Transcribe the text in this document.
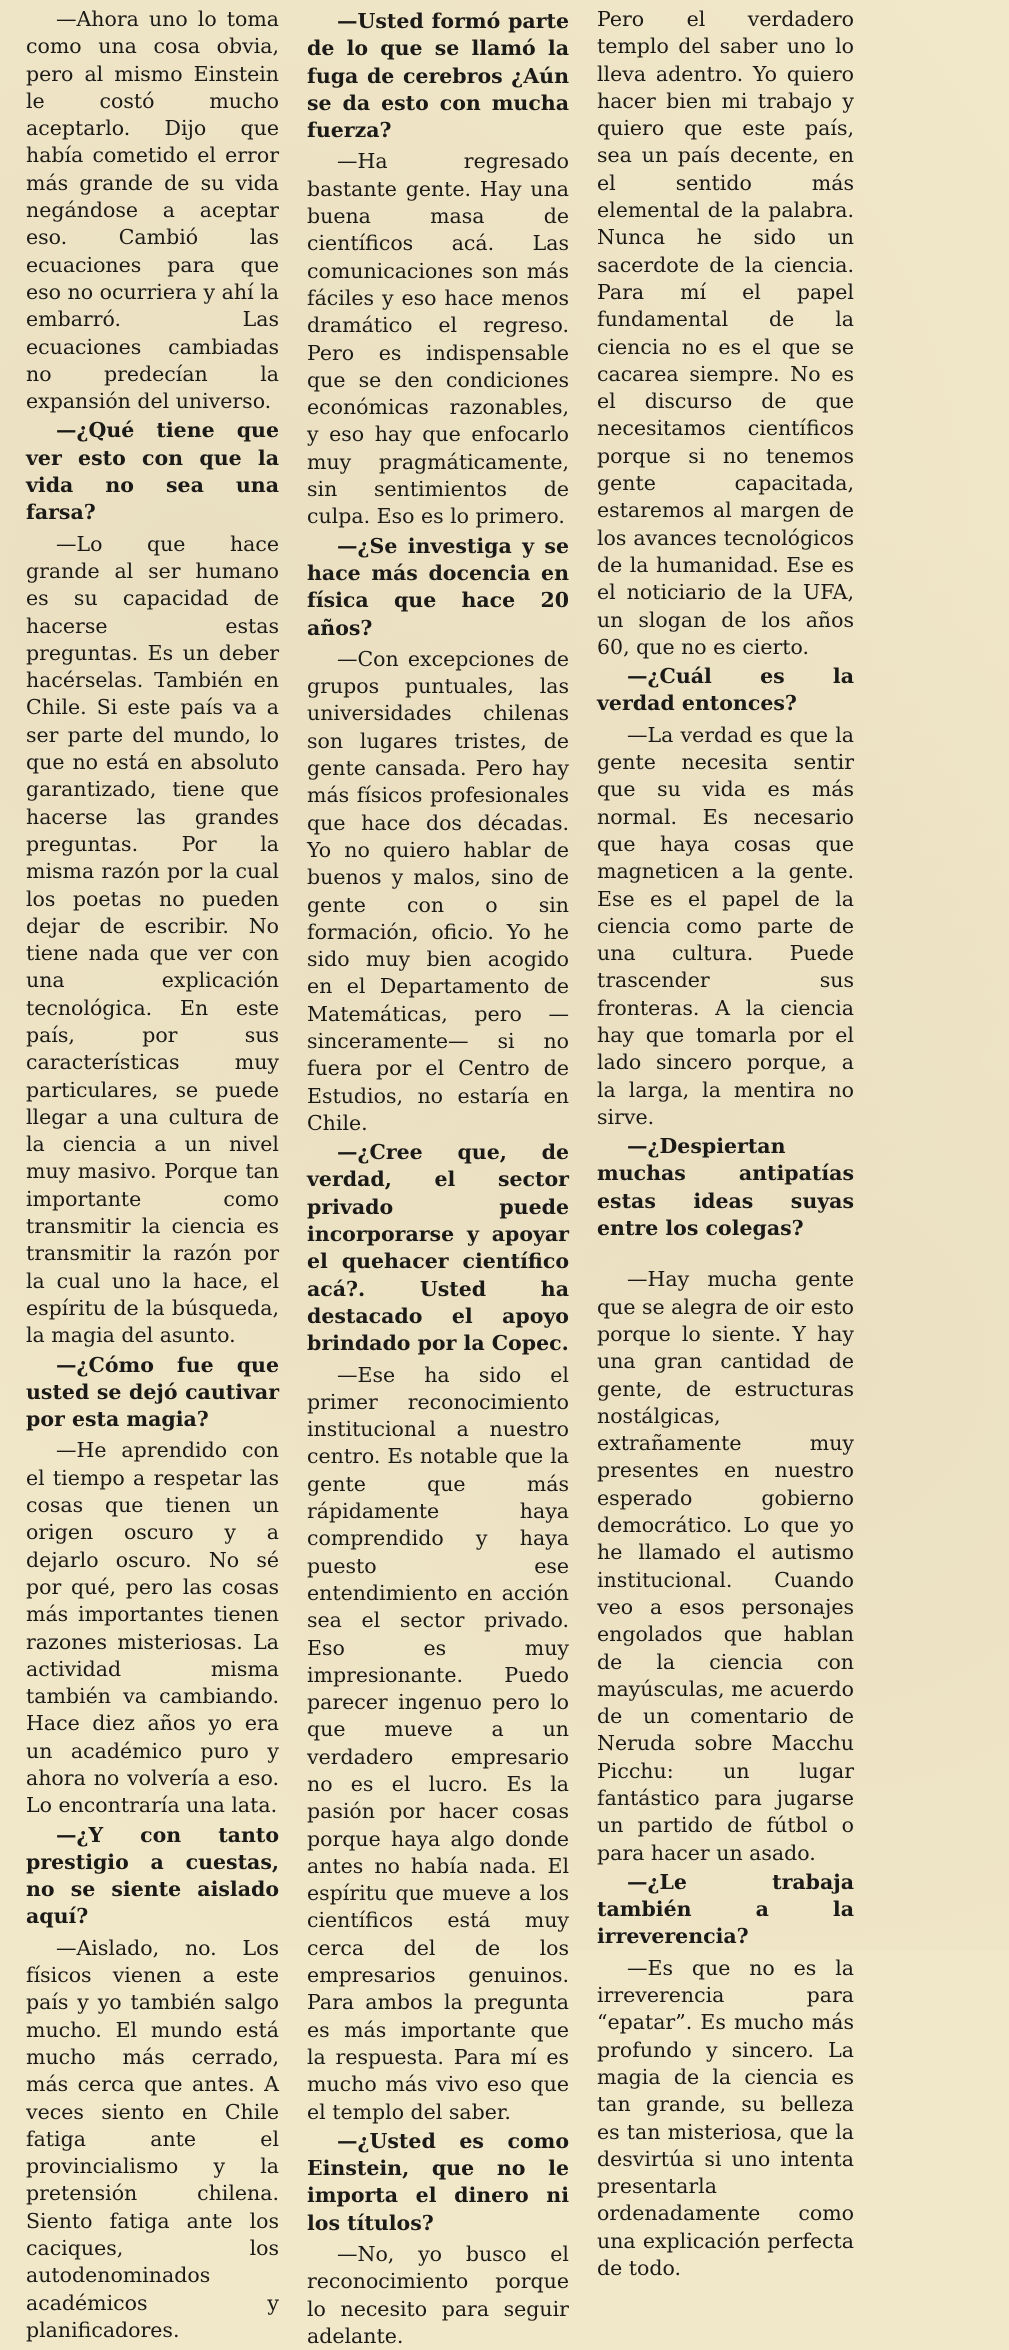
—Ahora uno lo toma como una cosa obvia, pero al mismo Einstein le costó mucho aceptarlo. Dijo que había cometido el error más grande de su vida negándose a aceptar eso. Cambió las ecuaciones para que eso no ocurriera y ahí la embarró. Las ecuaciones cambiadas no predecían la expansión del universo.

—¿Qué tiene que ver esto con que la vida no sea una farsa?

—Lo que hace grande al ser humano es su capacidad de hacerse estas preguntas. Es un deber hacérselas. También en Chile. Si este país va a ser parte del mundo, lo que no está en absoluto garantizado, tiene que hacerse las grandes preguntas. Por la misma razón por la cual los poetas no pueden dejar de escribir. No tiene nada que ver con una explicación tecnológica. En este país, por sus características muy particulares, se puede llegar a una cultura de la ciencia a un nivel muy masivo. Porque tan importante como transmitir la ciencia es transmitir la razón por la cual uno la hace, el espíritu de la búsqueda, la magia del asunto.

—¿Cómo fue que usted se dejó cautivar por esta magia?

—He aprendido con el tiempo a respetar las cosas que tienen un origen oscuro y a dejarlo oscuro. No sé por qué, pero las cosas más importantes tienen razones misteriosas. La actividad misma también va cambiando. Hace diez años yo era un académico puro y ahora no volvería a eso. Lo encontraría una lata.

—¿Y con tanto prestigio a cuestas, no se siente aislado aquí?

—Aislado, no. Los físicos vienen a este país y yo también salgo mucho. El mundo está mucho más cerrado, más cerca que antes. A veces siento en Chile fatiga ante el provincialismo y la pretensión chilena. Siento fatiga ante los caciques, los autodenominados académicos y planificadores.

—Usted formó parte de lo que se llamó la fuga de cerebros ¿Aún se da esto con mucha fuerza?

—Ha regresado bastante gente. Hay una buena masa de científicos acá. Las comunicaciones son más fáciles y eso hace menos dramático el regreso. Pero es indispensable que se den condiciones económicas razonables, y eso hay que enfocarlo muy pragmáticamente, sin sentimientos de culpa. Eso es lo primero.

—¿Se investiga y se hace más docencia en física que hace 20 años?

—Con excepciones de grupos puntuales, las universidades chilenas son lugares tristes, de gente cansada. Pero hay más físicos profesionales que hace dos décadas. Yo no quiero hablar de buenos y malos, sino de gente con o sin formación, oficio. Yo he sido muy bien acogido en el Departamento de Matemáticas, pero —sinceramente— si no fuera por el Centro de Estudios, no estaría en Chile.

—¿Cree que, de verdad, el sector privado puede incorporarse y apoyar el quehacer científico acá?. Usted ha destacado el apoyo brindado por la Copec.

—Ese ha sido el primer reconocimiento institucional a nuestro centro. Es notable que la gente que más rápidamente haya comprendido y haya puesto ese entendimiento en acción sea el sector privado. Eso es muy impresionante. Puedo parecer ingenuo pero lo que mueve a un verdadero empresario no es el lucro. Es la pasión por hacer cosas porque haya algo donde antes no había nada. El espíritu que mueve a los científicos está muy cerca del de los empresarios genuinos. Para ambos la pregunta es más importante que la respuesta. Para mí es mucho más vivo eso que el templo del saber.

—¿Usted es como Einstein, que no le importa el dinero ni los títulos?

—No, yo busco el reconocimiento porque lo necesito para seguir adelante.

Pero el verdadero templo del saber uno lo lleva adentro. Yo quiero hacer bien mi trabajo y quiero que este país, sea un país decente, en el sentido más elemental de la palabra. Nunca he sido un sacerdote de la ciencia. Para mí el papel fundamental de la ciencia no es el que se cacarea siempre. No es el discurso de que necesitamos científicos porque si no tenemos gente capacitada, estaremos al margen de los avances tecnológicos de la humanidad. Ese es el noticiario de la UFA, un slogan de los años 60, que no es cierto.

—¿Cuál es la verdad entonces?

—La verdad es que la gente necesita sentir que su vida es más normal. Es necesario que haya cosas que magneticen a la gente. Ese es el papel de la ciencia como parte de una cultura. Puede trascender sus fronteras. A la ciencia hay que tomarla por el lado sincero porque, a la larga, la mentira no sirve.

—¿Despiertan muchas antipatías estas ideas suyas entre los colegas?

—Hay mucha gente que se alegra de oir esto porque lo siente. Y hay una gran cantidad de gente, de estructuras nostálgicas, extrañamente muy presentes en nuestro esperado gobierno democrático. Lo que yo he llamado el autismo institucional. Cuando veo a esos personajes engolados que hablan de la ciencia con mayúsculas, me acuerdo de un comentario de Neruda sobre Macchu Picchu: un lugar fantástico para jugarse un partido de fútbol o para hacer un asado.

—¿Le trabaja también a la irreverencia?

—Es que no es la irreverencia para “epatar”. Es mucho más profundo y sincero. La magia de la ciencia es tan grande, su belleza es tan misteriosa, que la desvirtúa si uno intenta presentarla ordenadamente como una explicación perfecta de todo.
